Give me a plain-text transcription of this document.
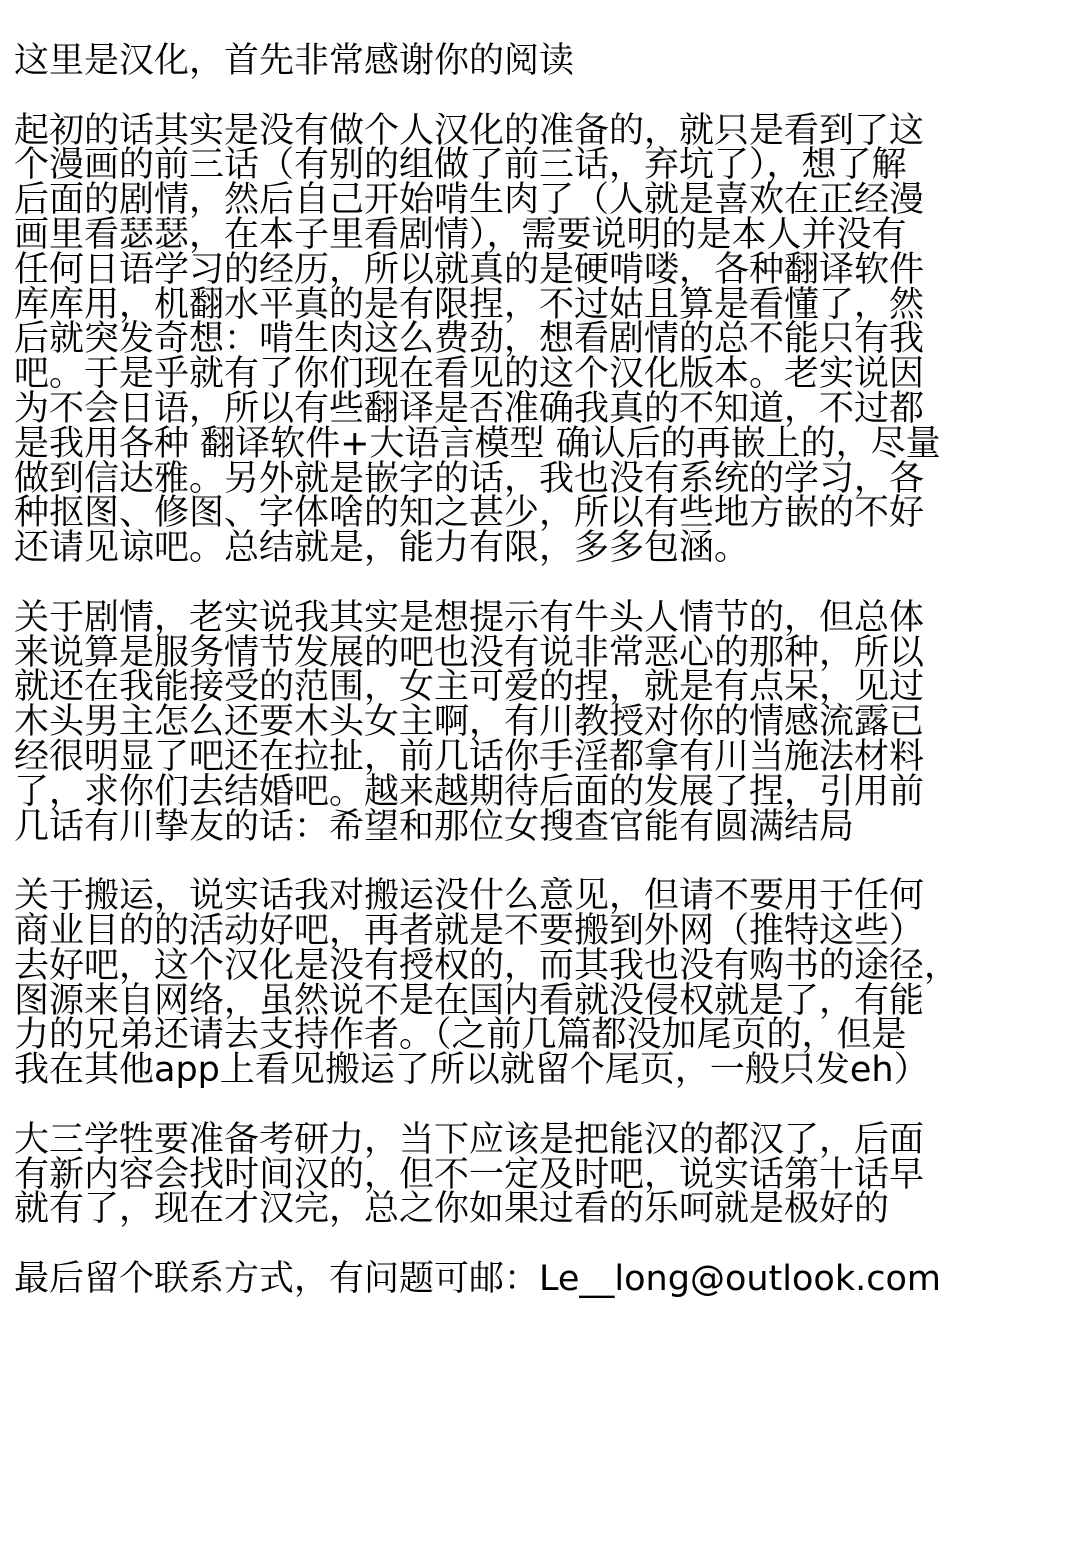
这里是汉化，首先非常感谢你的阅读
起初的话其实是没有做个人汉化的准备的，就只是看到了这
个漫画的前三话（有别的组做了前三话，弃坑了），想了解
后面的剧情，然后自己开始啃生肉了（人就是喜欢在正经漫
画里看瑟瑟，在本子里看剧情），需要说明的是本人并没有
任何日语学习的经历，所以就真的是硬啃喽，各种翻译软件
库库用，机翻水平真的是有限捏，不过姑且算是看懂了，然
后就突发奇想：啃生肉这么费劲，想看剧情的总不能只有我
吧。于是乎就有了你们现在看见的这个汉化版本。老实说因
为不会日语，所以有些翻译是否准确我真的不知道，不过都
是我用各种 翻译软件+大语言模型 确认后的再嵌上的，尽量
做到信达雅。另外就是嵌字的话，我也没有系统的学习，各
种抠图、修图、字体啥的知之甚少，所以有些地方嵌的不好
还请见谅吧。总结就是，能力有限，多多包涵。
关于剧情，老实说我其实是想提示有牛头人情节的，但总体
来说算是服务情节发展的吧也没有说非常恶心的那种，所以
就还在我能接受的范围，女主可爱的捏，就是有点呆，见过
木头男主怎么还要木头女主啊，有川教授对你的情感流露已
经很明显了吧还在拉扯，前几话你手淫都拿有川当施法材料
了，求你们去结婚吧。越来越期待后面的发展了捏，引用前
几话有川挚友的话：希望和那位女搜查官能有圆满结局
关于搬运，说实话我对搬运没什么意见，但请不要用于任何
商业目的的活动好吧，再者就是不要搬到外网（推特这些）
去好吧，这个汉化是没有授权的，而其我也没有购书的途径，
图源来自网络，虽然说不是在国内看就没侵权就是了，有能
力的兄弟还请去支持作者。（之前几篇都没加尾页的，但是
我在其他app上看见搬运了所以就留个尾页，一般只发eh）
大三学牲要准备考研力，当下应该是把能汉的都汉了，后面
有新内容会找时间汉的，但不一定及时吧，说实话第十话早
就有了，现在才汉完，总之你如果过看的乐呵就是极好的
最后留个联系方式，有问题可邮：Le__long@outlook.com
